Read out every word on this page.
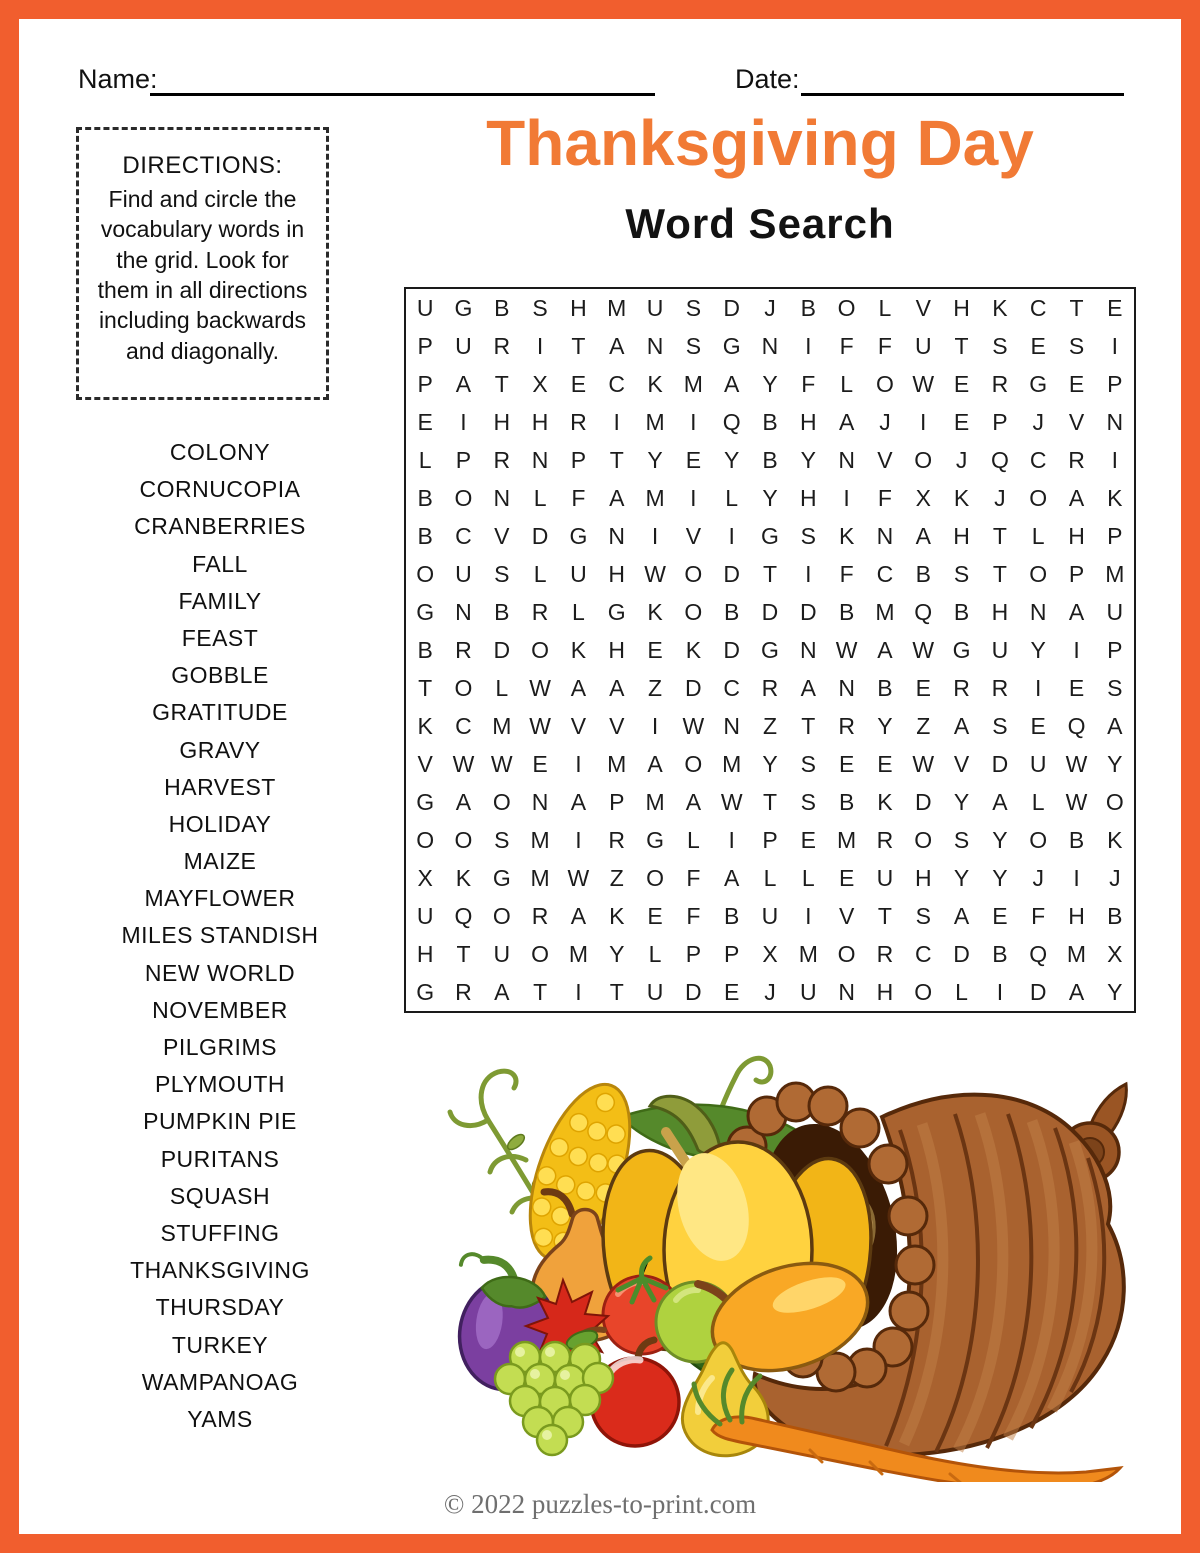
Name:	Date:
Thanksgiving Day
Word Search
DIRECTIONS:
Find and circle the vocabulary words in the grid. Look for them in all directions including backwards and diagonally.
U G B S H M U S D	J	B O L	V H K C T	E
P U R	I	T	A N S G N	I	F	F U T	S E S	I
P A	T	X E C K M A Y	F	L O W E R G E P
E	I	H H R	I	M	I	Q B H A	J	I	E P	J	V N
L	P R N P	T	Y E Y B Y N V O	J	Q C R	I
B O N	L	F	A M	I	L	Y H	I	F	X K	J	O A K
B C V D G N	I	V	I	G S K N A H T	L	H P
O U S	L	U H W O D T	I	F C B S	T O P M
G N B R	L G K O B D D B M Q B H N A U
B R D O K H E K D G N W A W G U Y	I	P
T O L W A A	Z D C R A N B E R R	I	E S
K C M W V V	I	W N Z	T R Y	Z	A S E Q A
V W W E	I	M A O M Y S E E W V D U W Y
G A O N A P M A W T	S B K D Y A	L W O
O O S M	I	R G L	I	P E M R O S Y O B K
X K G M W Z O F	A	L	L	E U H Y Y	J	I	J
U Q O R A K E	F	B U	I	V	T	S A E	F H B
H T U O M Y	L	P P X M O R C D B Q M X
G R A	T	I	T U D E	J	U N H O L	I	D A Y
COLONY
CORNUCOPIA
CRANBERRIES
FALL
FAMILY
FEAST
GOBBLE
GRATITUDE
GRAVY
HARVEST
HOLIDAY
MAIZE
MAYFLOWER
MILES STANDISH
NEW WORLD
NOVEMBER
PILGRIMS
PLYMOUTH
PUMPKIN PIE
PURITANS
SQUASH
STUFFING
THANKSGIVING
THURSDAY
TURKEY
WAMPANOAG
YAMS
© 2022 puzzles-to-print.com
